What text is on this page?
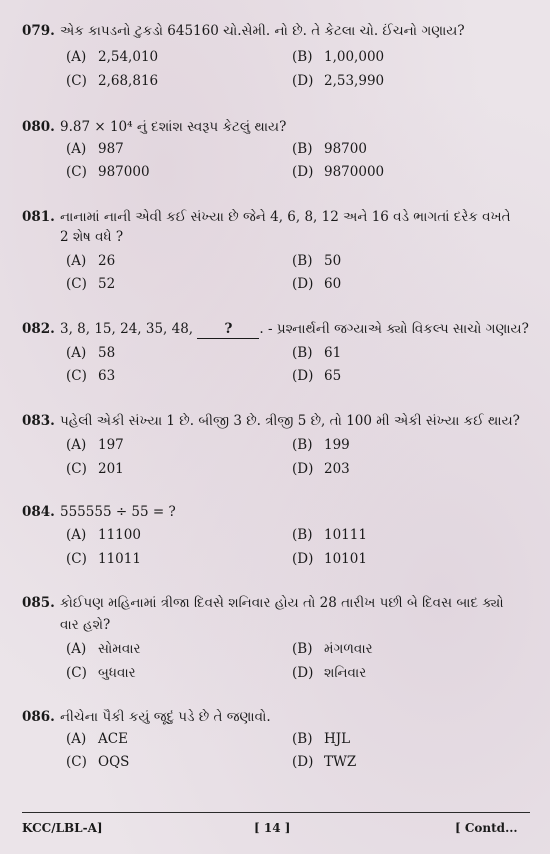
079. એક કાપડનો ટુકડો 645160 ચો.સેમી. નો છે. તે કેટલા ચો. ઈંચનો ગણાય?
(A) 2,54,010	(B) 1,00,000
(C) 2,68,816	(D) 2,53,990
080. 9.87 × 10⁴ નું દશાંશ સ્વરૂપ કેટલું થાય?
(A) 987	(B) 98700
(C) 987000	(D) 9870000
081. નાનામાં નાની એવી કઈ સંખ્યા છે જેને 4, 6, 8, 12 અને 16 વડે ભાગતાં દરેક વખતે
2 શેષ વધે ?
(A) 26	(B) 50
(C) 52	(D) 60
082. 3, 8, 15, 24, 35, 48, ? . - પ્રશ્નાર્થની જગ્યાએ ક્યો વિકલ્પ સાચો ગણાય?
(A) 58	(B) 61
(C) 63	(D) 65
083. પહેલી એકી સંખ્યા 1 છે. બીજી 3 છે. ત્રીજી 5 છે, તો 100 મી એકી સંખ્યા કઈ થાય?
(A) 197	(B) 199
(C) 201	(D) 203
084. 555555 ÷ 55 = ?
(A) 11100	(B) 10111
(C) 11011	(D) 10101
085. કોઈપણ મહિનામાં ત્રીજા દિવસે શનિવાર હોય તો 28 તારીખ પછી બે દિવસ બાદ ક્યો
વાર હશે?
(A) સોમવાર	(B) મંગળવાર
(C) બુધવાર	(D) શનિવાર
086. નીચેના પૈકી કયું જૂદું પડે છે તે જણાવો.
(A) ACE	(B) HJL
(C) OQS	(D) TWZ
KCC/LBL-A]	[ 14 ]	[ Contd...
